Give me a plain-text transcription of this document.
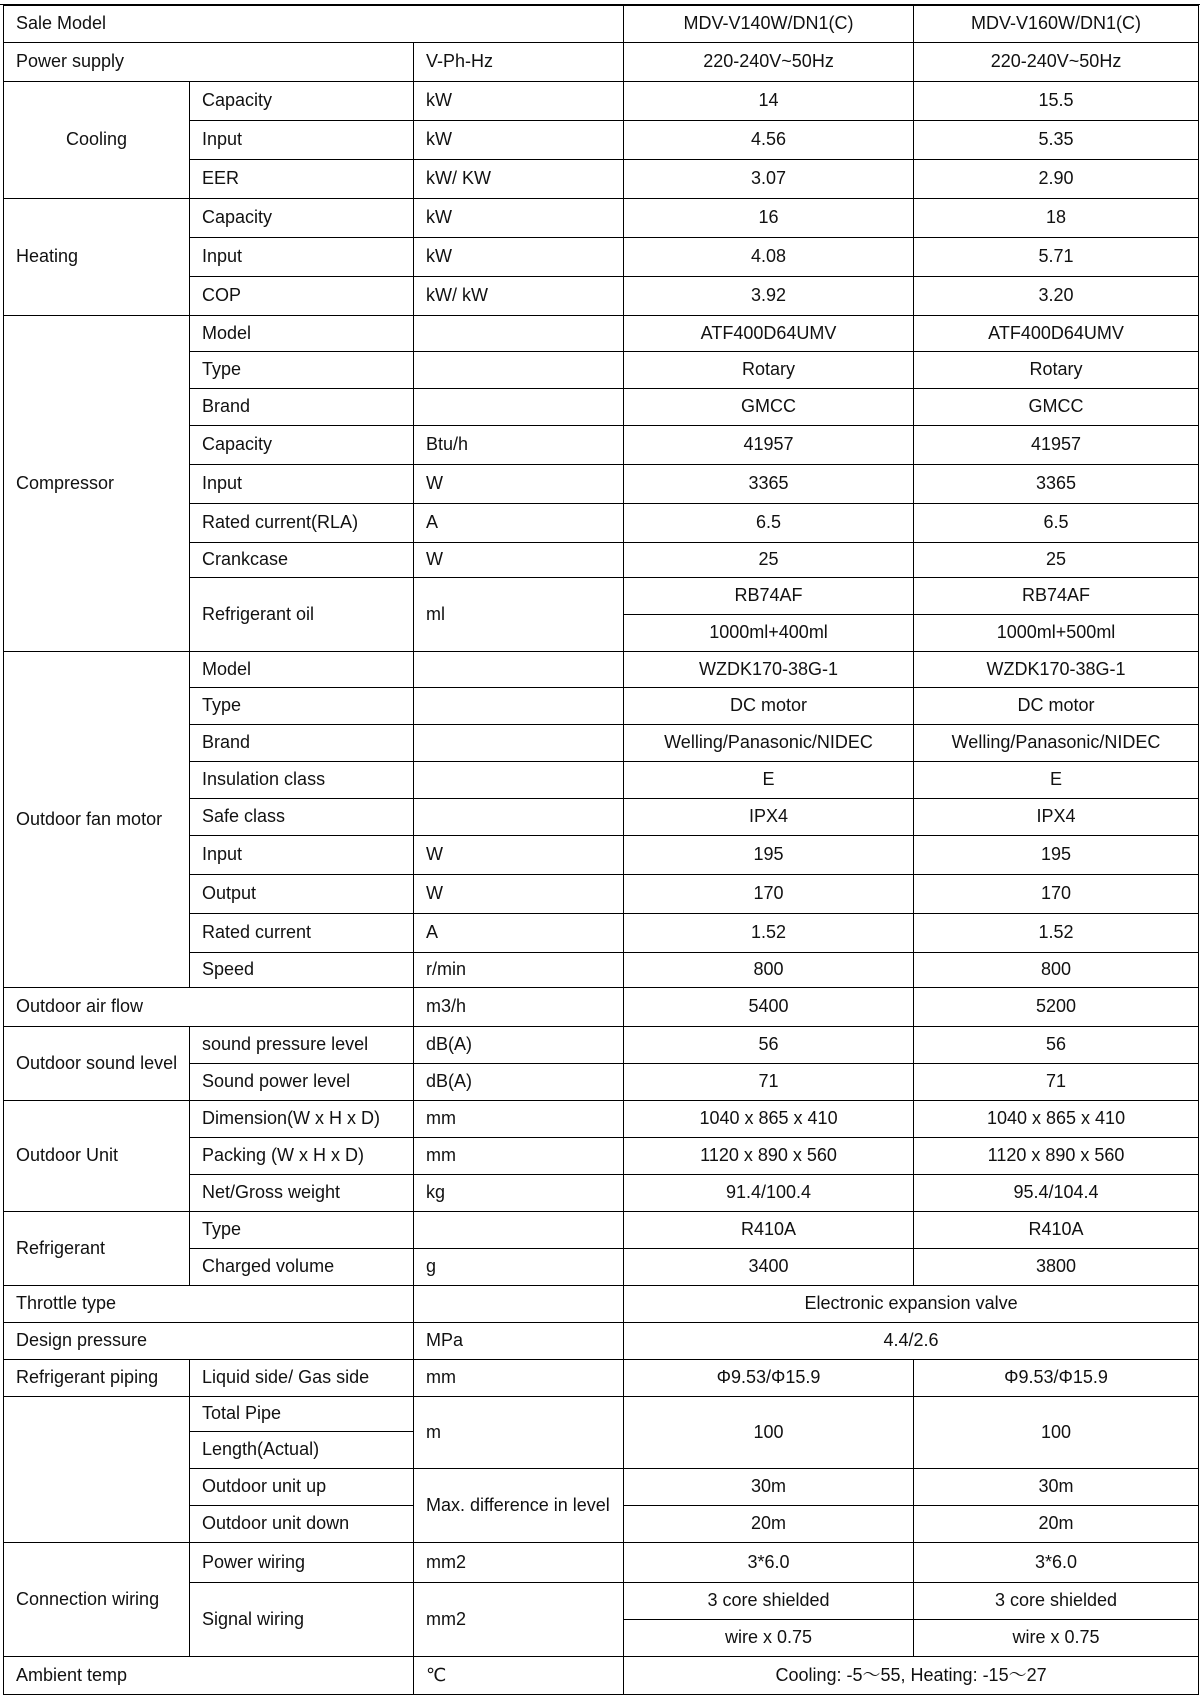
Sale Model			MDV-V140W/DN1(C)	MDV-V160W/DN1(C)
Power supply		V-Ph-Hz	220-240V~50Hz	220-240V~50Hz
Cooling	Capacity	kW	14	15.5
	Input	kW	4.56	5.35
	EER	kW/ KW	3.07	2.90
Heating	Capacity	kW	16	18
	Input	kW	4.08	5.71
	COP	kW/ kW	3.92	3.20
Compressor	Model		ATF400D64UMV	ATF400D64UMV
	Type		Rotary	Rotary
	Brand		GMCC	GMCC
	Capacity	Btu/h	41957	41957
	Input	W	3365	3365
	Rated current(RLA)	A	6.5	6.5
	Crankcase	W	25	25
	Refrigerant oil	ml	RB74AF	RB74AF
			1000ml+400ml	1000ml+500ml
Outdoor fan motor	Model		WZDK170-38G-1	WZDK170-38G-1
	Type		DC motor	DC motor
	Brand		Welling/Panasonic/NIDEC	Welling/Panasonic/NIDEC
	Insulation class		E	E
	Safe class		IPX4	IPX4
	Input	W	195	195
	Output	W	170	170
	Rated current	A	1.52	1.52
	Speed	r/min	800	800
Outdoor air flow		m3/h	5400	5200
Outdoor sound level	sound pressure level	dB(A)	56	56
	Sound power level	dB(A)	71	71
Outdoor Unit	Dimension(W x H x D)	mm	1040 x 865 x 410	1040 x 865 x 410
	Packing (W x H x D)	mm	1120 x 890 x 560	1120 x 890 x 560
	Net/Gross weight	kg	91.4/100.4	95.4/104.4
Refrigerant	Type		R410A	R410A
	Charged volume	g	3400	3800
Throttle type			Electronic expansion valve	
Design pressure		MPa	4.4/2.6	
Refrigerant piping	Liquid side/ Gas side	mm	Φ9.53/Φ15.9	Φ9.53/Φ15.9
	Total Pipe	m	100	100
	Length(Actual)			
	Outdoor unit up	Max. difference in level	30m	30m
	Outdoor unit down		20m	20m
Connection wiring	Power wiring	mm2	3*6.0	3*6.0
	Signal wiring	mm2	3 core shielded	3 core shielded
			wire x 0.75	wire x 0.75
Ambient temp		℃	Cooling: -5～55, Heating: -15～27	
